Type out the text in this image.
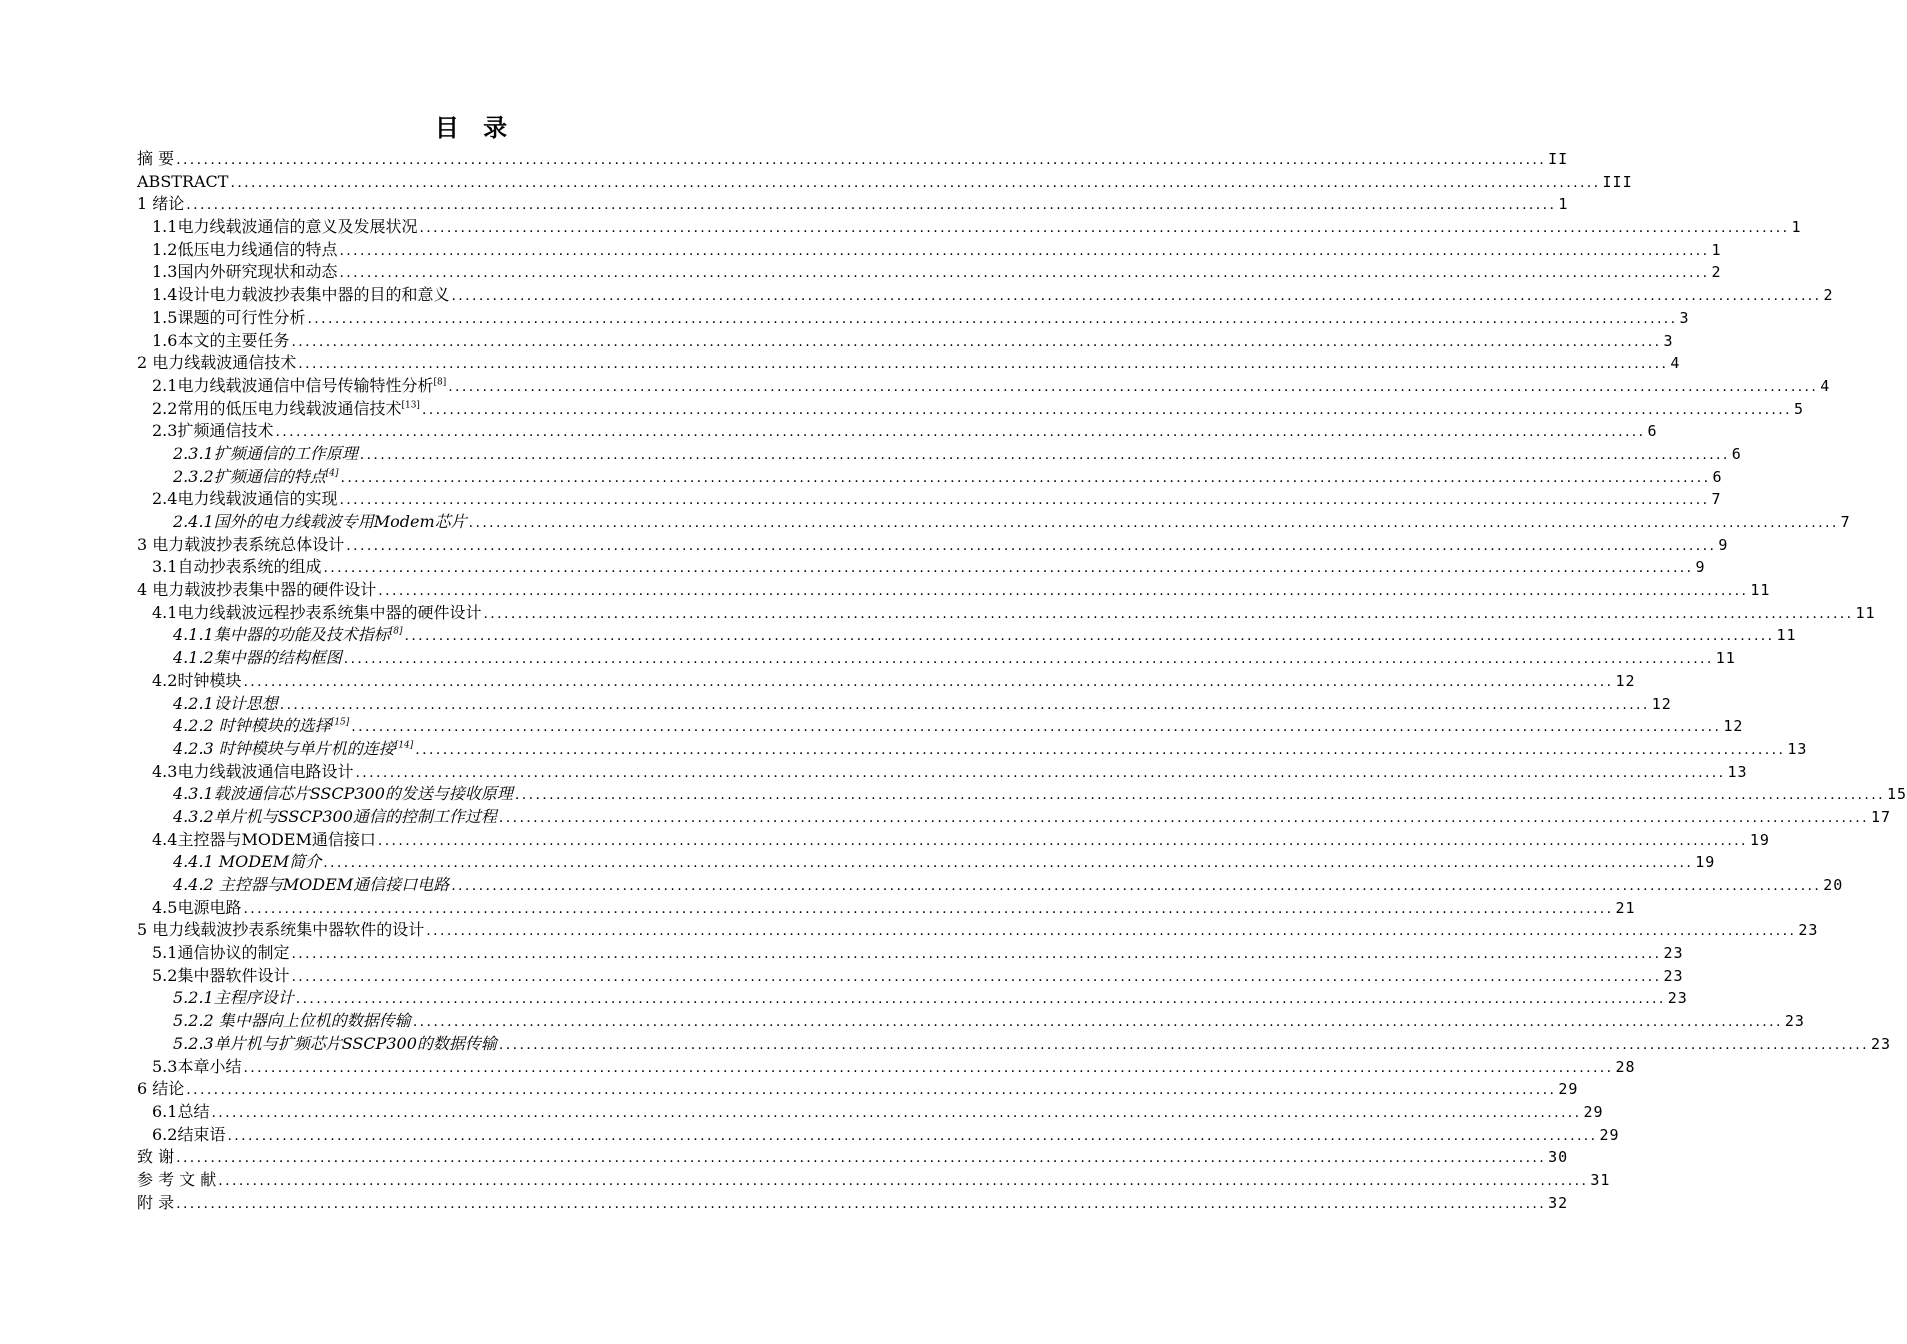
目 录
摘 要 .....	II
ABSTRACT .....	III
1 绪论 .....	1
1.1电力线载波通信的意义及发展状况 .....	1
1.2低压电力线通信的特点 .....	1
1.3国内外研究现状和动态 .....	2
1.4设计电力载波抄表集中器的目的和意义 .....	2
1.5课题的可行性分析 .....	3
1.6本文的主要任务 .....	3
2 电力线载波通信技术 .....	4
2.1电力线载波通信中信号传输特性分析[8] .....	4
2.2常用的低压电力线载波通信技术[13] .....	5
2.3扩频通信技术 .....	6
2.3.1扩频通信的工作原理 .....	6
2.3.2扩频通信的特点[4] .....	6
2.4电力线载波通信的实现 .....	7
2.4.1国外的电力线载波专用Modem芯片 .....	7
3 电力载波抄表系统总体设计 .....	9
3.1自动抄表系统的组成 .....	9
4 电力载波抄表集中器的硬件设计 .....	11
4.1电力线载波远程抄表系统集中器的硬件设计 .....	11
4.1.1集中器的功能及技术指标[8] .....	11
4.1.2集中器的结构框图 .....	11
4.2时钟模块 .....	12
4.2.1设计思想 .....	12
4.2.2 时钟模块的选择[15] .....	12
4.2.3 时钟模块与单片机的连接[14] .....	13
4.3电力线载波通信电路设计 .....	13
4.3.1载波通信芯片SSCP300的发送与接收原理 .....	15
4.3.2单片机与SSCP300通信的控制工作过程 .....	17
4.4主控器与MODEM通信接口 .....	19
4.4.1 MODEM简介 .....	19
4.4.2 主控器与MODEM通信接口电路 .....	20
4.5电源电路 .....	21
5 电力线载波抄表系统集中器软件的设计 .....	23
5.1通信协议的制定 .....	23
5.2集中器软件设计 .....	23
5.2.1主程序设计 .....	23
5.2.2 集中器向上位机的数据传输 .....	23
5.2.3单片机与扩频芯片SSCP300的数据传输 .....	23
5.3本章小结 .....	28
6 结论 .....	29
6.1总结 .....	29
6.2结束语 .....	29
致 谢 .....	30
参 考 文 献 .....	31
附 录 .....	32
